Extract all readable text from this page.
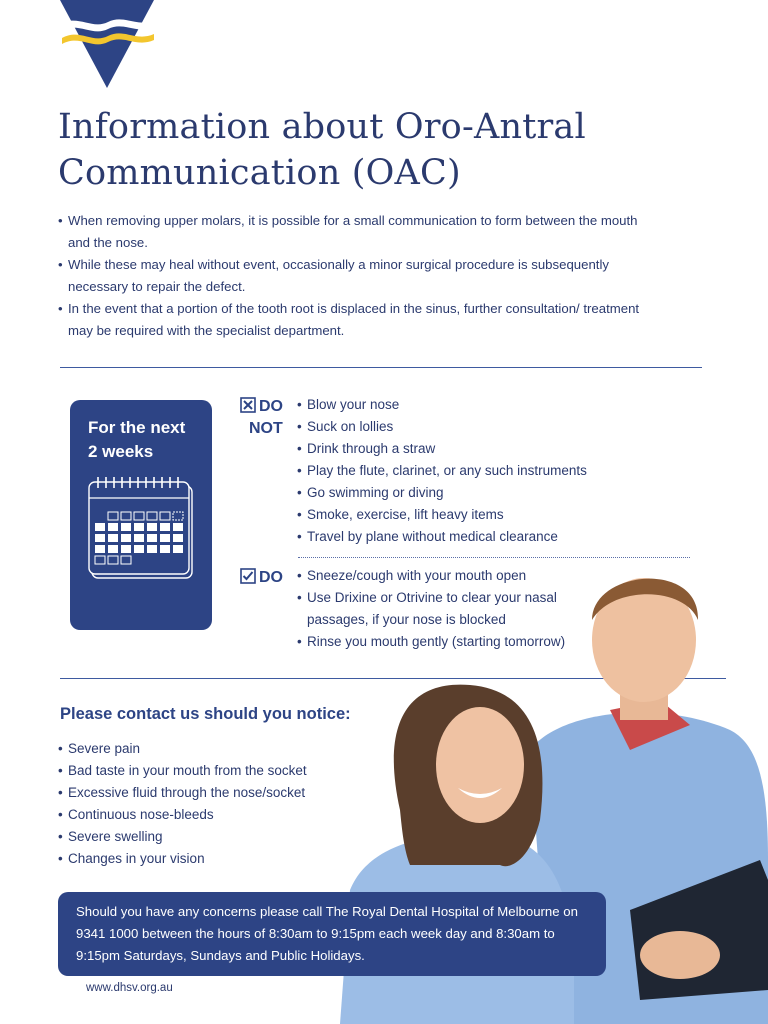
Information about Oro-Antral
Communication (OAC)
• When removing upper molars, it is possible for a small communication to form between the mouth and the nose.
• While these may heal without event, occasionally a minor surgical procedure is subsequently necessary to repair the defect.
• In the event that a portion of the tooth root is displaced in the sinus, further consultation/ treatment may be required with the specialist department.
For the next
2 weeks
DO
NOT
• Blow your nose
• Suck on lollies
• Drink through a straw
• Play the flute, clarinet, or any such instruments
• Go swimming or diving
• Smoke, exercise, lift heavy items
• Travel by plane without medical clearance
DO	• Sneeze/cough with your mouth open
• Use Drixine or Otrivine to clear your nasal passages, if your nose is blocked
• Rinse you mouth gently (starting tomorrow)
Please contact us should you notice:
• Severe pain
• Bad taste in your mouth from the socket
• Excessive fluid through the nose/socket
• Continuous nose-bleeds
• Severe swelling
• Changes in your vision

Should you have any concerns please call The Royal Dental Hospital of Melbourne on 9341 1000 between the hours of 8:30am to 9:15pm each week day and 8:30am to 9:15pm Saturdays, Sundays and Public Holidays.

www.dhsv.org.au
